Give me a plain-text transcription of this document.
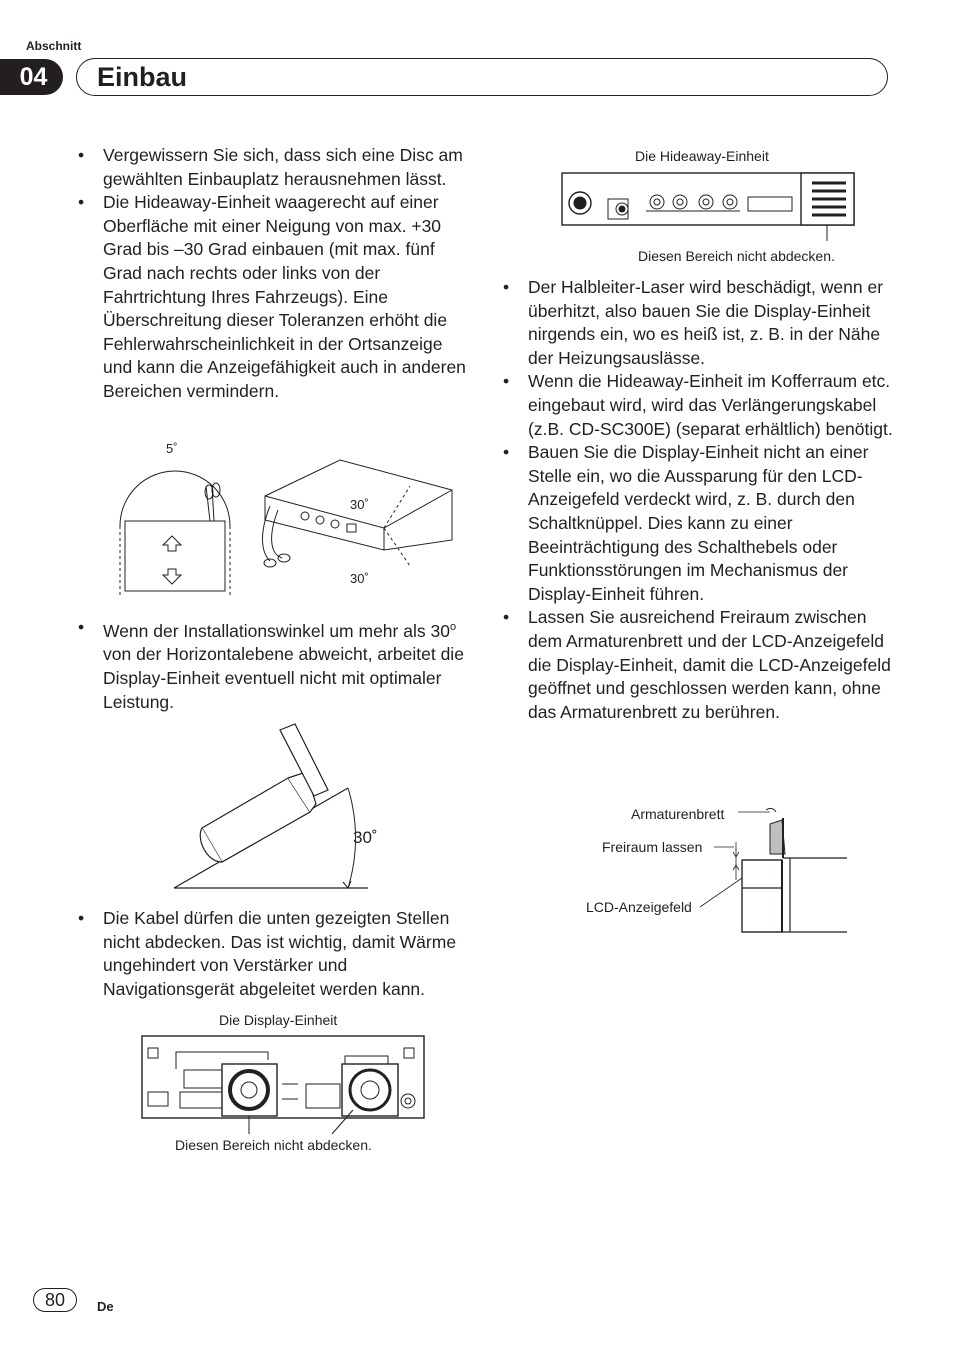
Abschnitt
04	Einbau
• Vergewissern Sie sich, dass sich eine Disc am gewählten Einbauplatz herausnehmen lässt.
• Die Hideaway-Einheit waagerecht auf einer Oberfläche mit einer Neigung von max. +30 Grad bis –30 Grad einbauen (mit max. fünf Grad nach rechts oder links von der Fahrtrichtung Ihres Fahrzeugs). Eine Überschreitung dieser Toleranzen erhöht die Fehlerwahrscheinlichkeit in der Ortsanzeige und kann die Anzeigefähigkeit auch in anderen Bereichen vermindern.
5˚
30˚
30˚
• Wenn der Installationswinkel um mehr als 30$^o$ von der Horizontalebene abweicht, arbeitet die Display-Einheit eventuell nicht mit optimaler Leistung.
30˚
• Die Kabel dürfen die unten gezeigten Stellen nicht abdecken. Das ist wichtig, damit Wärme ungehindert von Verstärker und Navigationsgerät abgeleitet werden kann.
Die Display-Einheit
Diesen Bereich nicht abdecken.
Die Hideaway-Einheit
Diesen Bereich nicht abdecken.
• Der Halbleiter-Laser wird beschädigt, wenn er überhitzt, also bauen Sie die Display-Einheit nirgends ein, wo es heiß ist, z. B. in der Nähe der Heizungsauslässe.
• Wenn die Hideaway-Einheit im Kofferraum etc. eingebaut wird, wird das Verlängerungskabel (z.B. CD-SC300E) (separat erhältlich) benötigt.
• Bauen Sie die Display-Einheit nicht an einer Stelle ein, wo die Aussparung für den LCD-Anzeigefeld verdeckt wird, z. B. durch den Schaltknüppel. Dies kann zu einer Beeinträchtigung des Schalthebels oder Funktionsstörungen im Mechanismus der Display-Einheit führen.
• Lassen Sie ausreichend Freiraum zwischen dem Armaturenbrett und der LCD-Anzeigefeld die Display-Einheit, damit die LCD-Anzeigefeld geöffnet und geschlossen werden kann, ohne das Armaturenbrett zu berühren.
Armaturenbrett
Freiraum lassen
LCD-Anzeigefeld
80	De
